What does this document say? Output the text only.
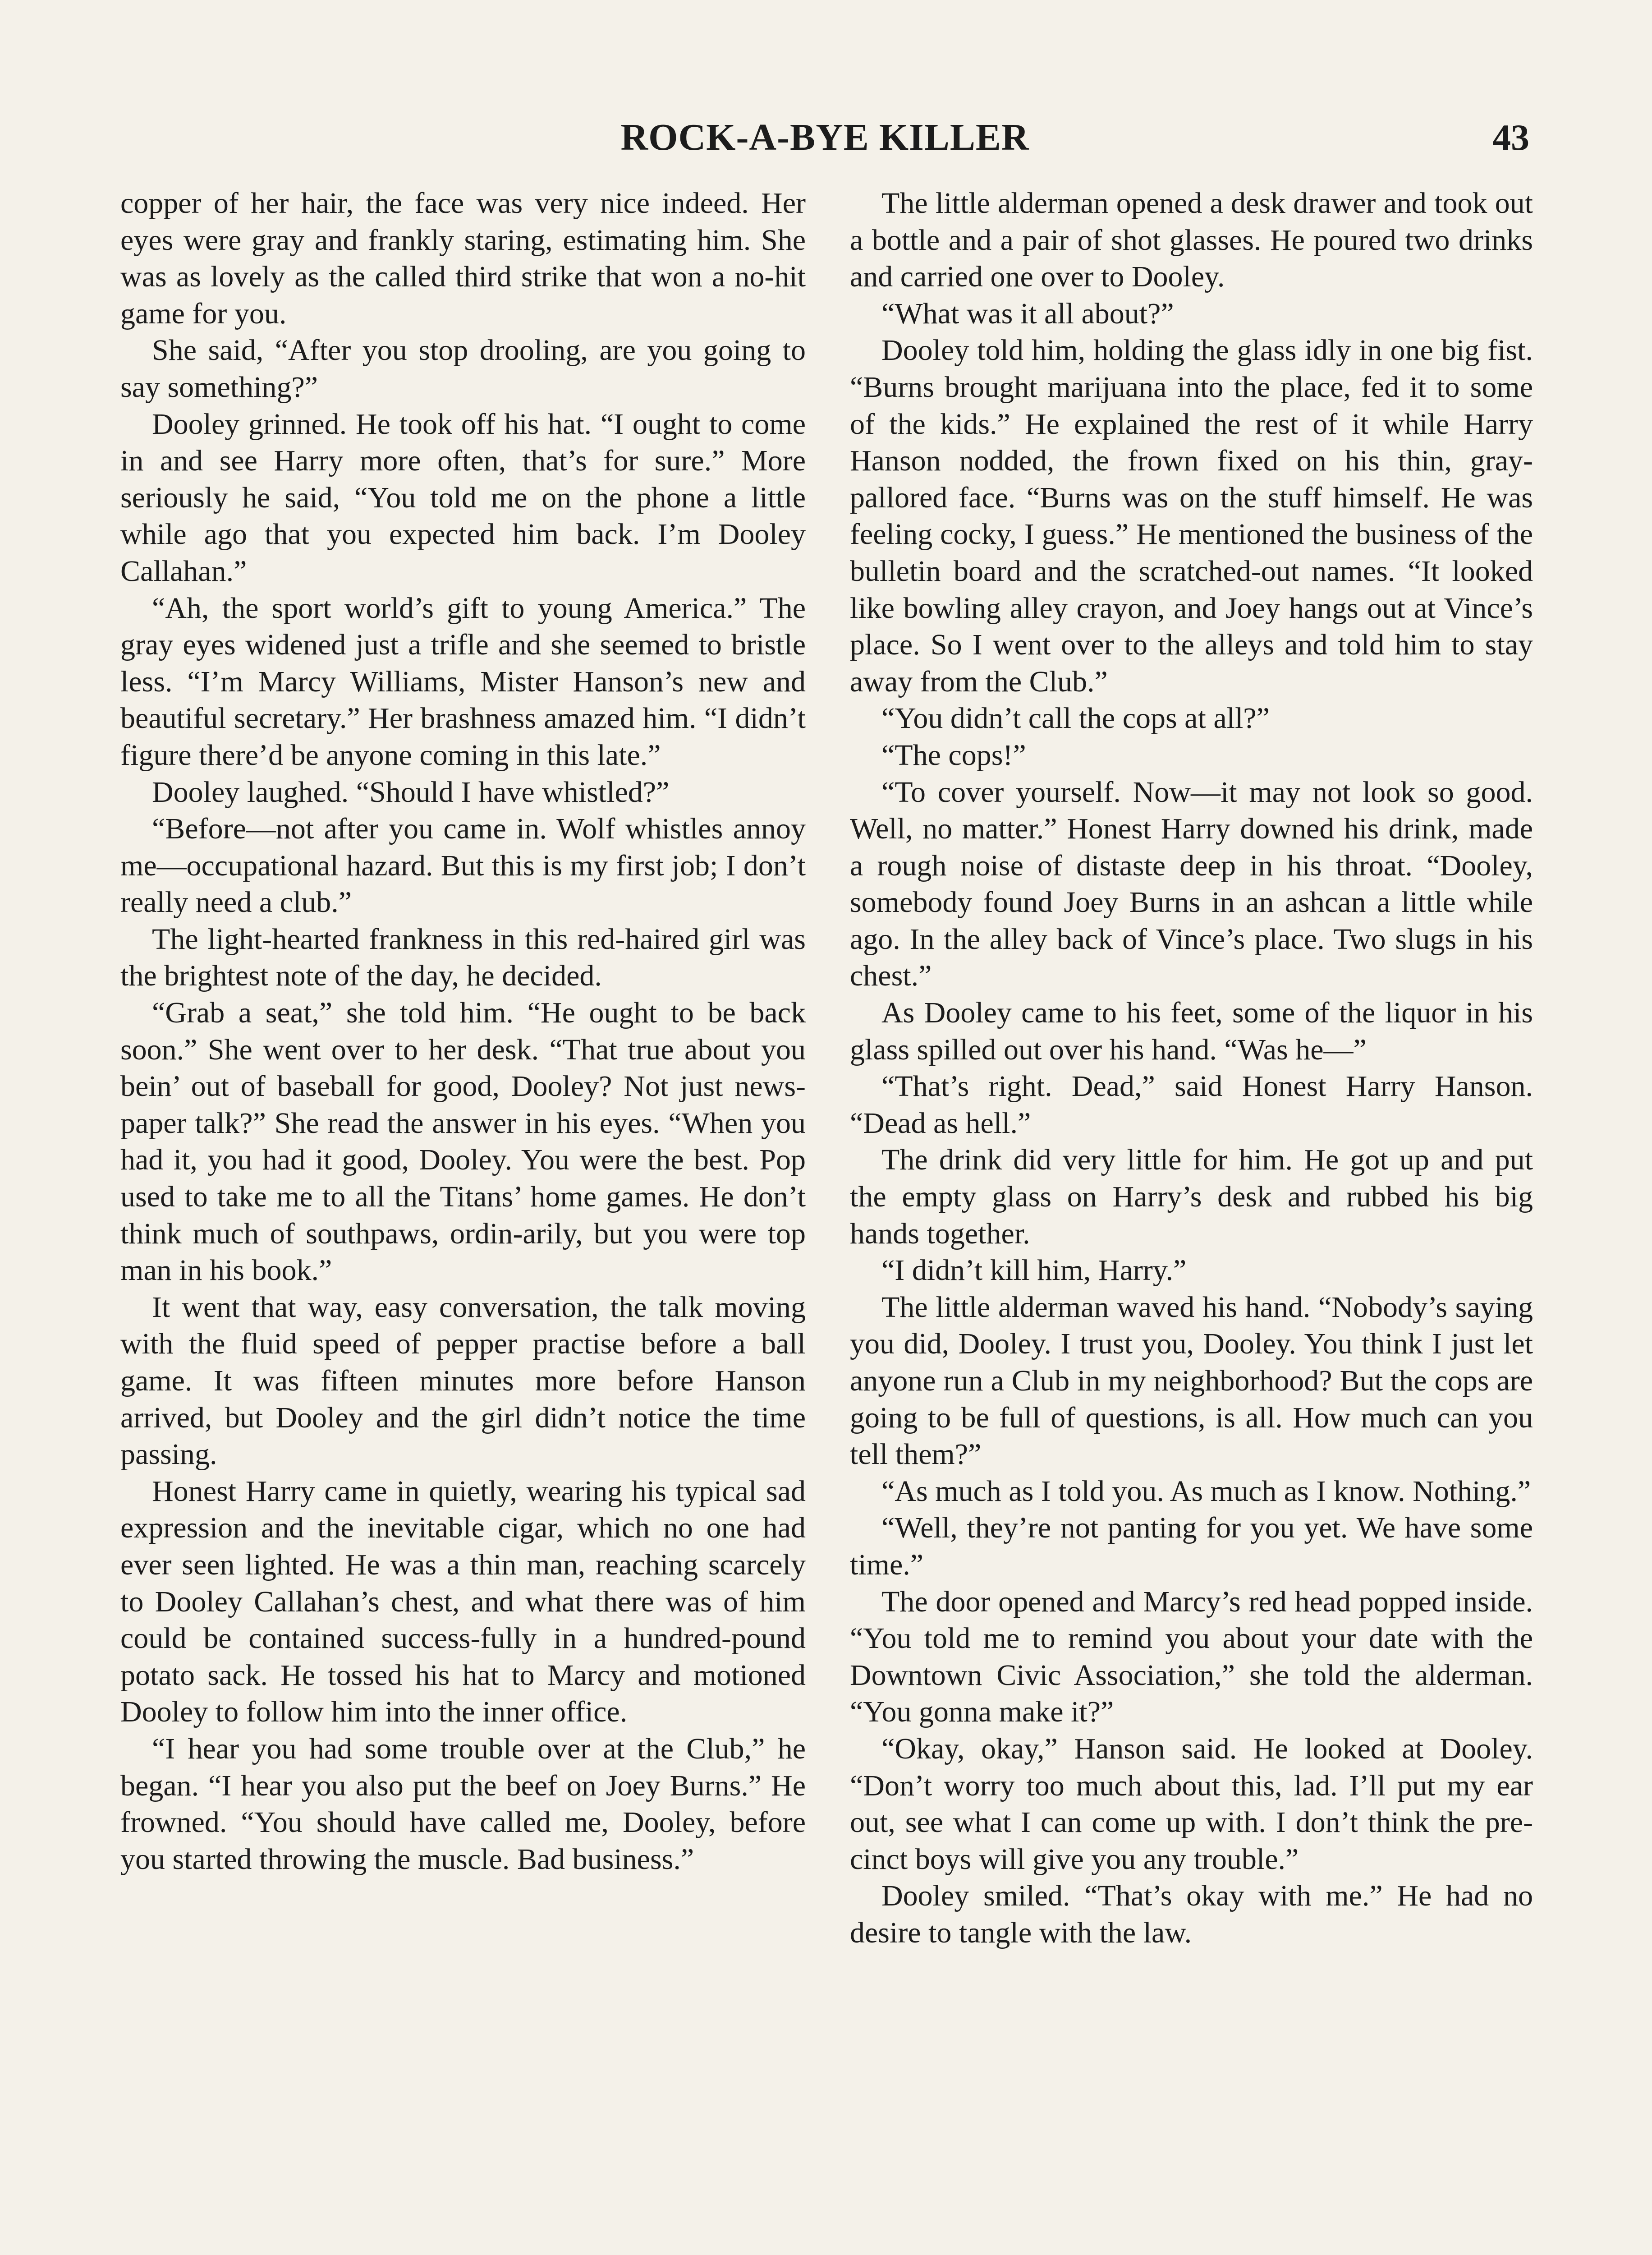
ROCK-A-BYE KILLER	43

copper of her hair, the face was very nice indeed. Her eyes were gray and frankly staring, estimating him. She was as lovely as the called third strike that won a no-hit game for you.

She said, “After you stop drooling, are you going to say something?”

Dooley grinned. He took off his hat. “I ought to come in and see Harry more often, that’s for sure.” More seriously he said, “You told me on the phone a little while ago that you expected him back. I’m Dooley Callahan.”

“Ah, the sport world’s gift to young America.” The gray eyes widened just a trifle and she seemed to bristle less. “I’m Marcy Williams, Mister Hanson’s new and beautiful secretary.” Her brashness amazed him. “I didn’t figure there’d be anyone coming in this late.”

Dooley laughed. “Should I have whistled?”

“Before—not after you came in. Wolf whistles annoy me—occupational hazard. But this is my first job; I don’t really need a club.”

The light-hearted frankness in this red-haired girl was the brightest note of the day, he decided.

“Grab a seat,” she told him. “He ought to be back soon.” She went over to her desk. “That true about you bein’ out of baseball for good, Dooley? Not just news-paper talk?” She read the answer in his eyes. “When you had it, you had it good, Dooley. You were the best. Pop used to take me to all the Titans’ home games. He don’t think much of southpaws, ordin-arily, but you were top man in his book.”

It went that way, easy conversation, the talk moving with the fluid speed of pepper practise before a ball game. It was fifteen minutes more before Hanson arrived, but Dooley and the girl didn’t notice the time passing.

Honest Harry came in quietly, wearing his typical sad expression and the inevitable cigar, which no one had ever seen lighted. He was a thin man, reaching scarcely to Dooley Callahan’s chest, and what there was of him could be contained success-fully in a hundred-pound potato sack. He tossed his hat to Marcy and motioned Dooley to follow him into the inner office.

“I hear you had some trouble over at the Club,” he began. “I hear you also put the beef on Joey Burns.” He frowned. “You should have called me, Dooley, before you started throwing the muscle. Bad business.”

The little alderman opened a desk drawer and took out a bottle and a pair of shot glasses. He poured two drinks and carried one over to Dooley.

“What was it all about?”

Dooley told him, holding the glass idly in one big fist. “Burns brought marijuana into the place, fed it to some of the kids.” He explained the rest of it while Harry Hanson nodded, the frown fixed on his thin, gray-pallored face. “Burns was on the stuff himself. He was feeling cocky, I guess.” He mentioned the business of the bulletin board and the scratched-out names. “It looked like bowling alley crayon, and Joey hangs out at Vince’s place. So I went over to the alleys and told him to stay away from the Club.”

“You didn’t call the cops at all?”

“The cops!”

“To cover yourself. Now—it may not look so good. Well, no matter.” Honest Harry downed his drink, made a rough noise of distaste deep in his throat. “Dooley, somebody found Joey Burns in an ashcan a little while ago. In the alley back of Vince’s place. Two slugs in his chest.”

As Dooley came to his feet, some of the liquor in his glass spilled out over his hand. “Was he—”

“That’s right. Dead,” said Honest Harry Hanson. “Dead as hell.”

The drink did very little for him. He got up and put the empty glass on Harry’s desk and rubbed his big hands together.

“I didn’t kill him, Harry.”

The little alderman waved his hand. “Nobody’s saying you did, Dooley. I trust you, Dooley. You think I just let anyone run a Club in my neighborhood? But the cops are going to be full of questions, is all. How much can you tell them?”

“As much as I told you. As much as I know. Nothing.”

“Well, they’re not panting for you yet. We have some time.”

The door opened and Marcy’s red head popped inside. “You told me to remind you about your date with the Downtown Civic Association,” she told the alderman. “You gonna make it?”

“Okay, okay,” Hanson said. He looked at Dooley. “Don’t worry too much about this, lad. I’ll put my ear out, see what I can come up with. I don’t think the pre-cinct boys will give you any trouble.”

Dooley smiled. “That’s okay with me.” He had no desire to tangle with the law.
